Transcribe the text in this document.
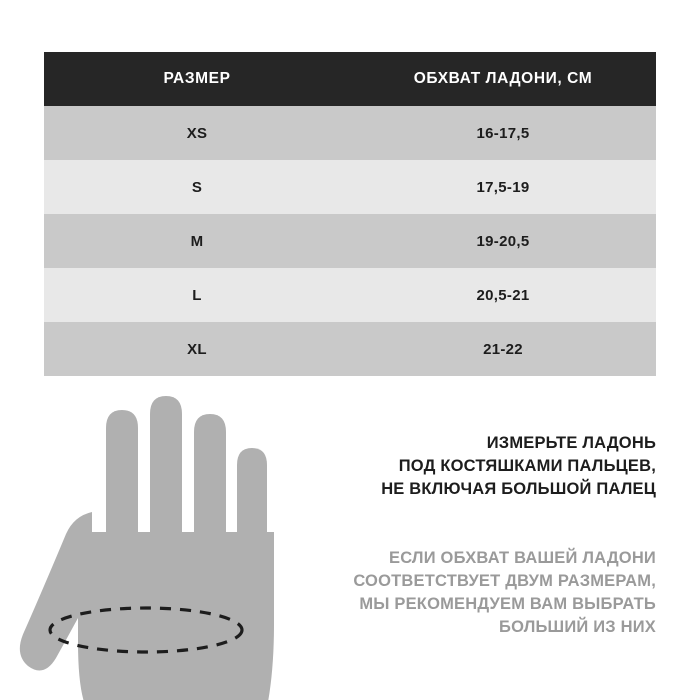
РАЗМЕР	ОБХВАТ ЛАДОНИ, СМ
XS	16-17,5
S	17,5-19
M	19-20,5
L	20,5-21
XL	21-22
ИЗМЕРЬТЕ ЛАДОНЬ
ПОД КОСТЯШКАМИ ПАЛЬЦЕВ,
НЕ ВКЛЮЧАЯ БОЛЬШОЙ ПАЛЕЦ
ЕСЛИ ОБХВАТ ВАШЕЙ ЛАДОНИ
СООТВЕТСТВУЕТ ДВУМ РАЗМЕРАМ,
МЫ РЕКОМЕНДУЕМ ВАМ ВЫБРАТЬ
БОЛЬШИЙ ИЗ НИХ
